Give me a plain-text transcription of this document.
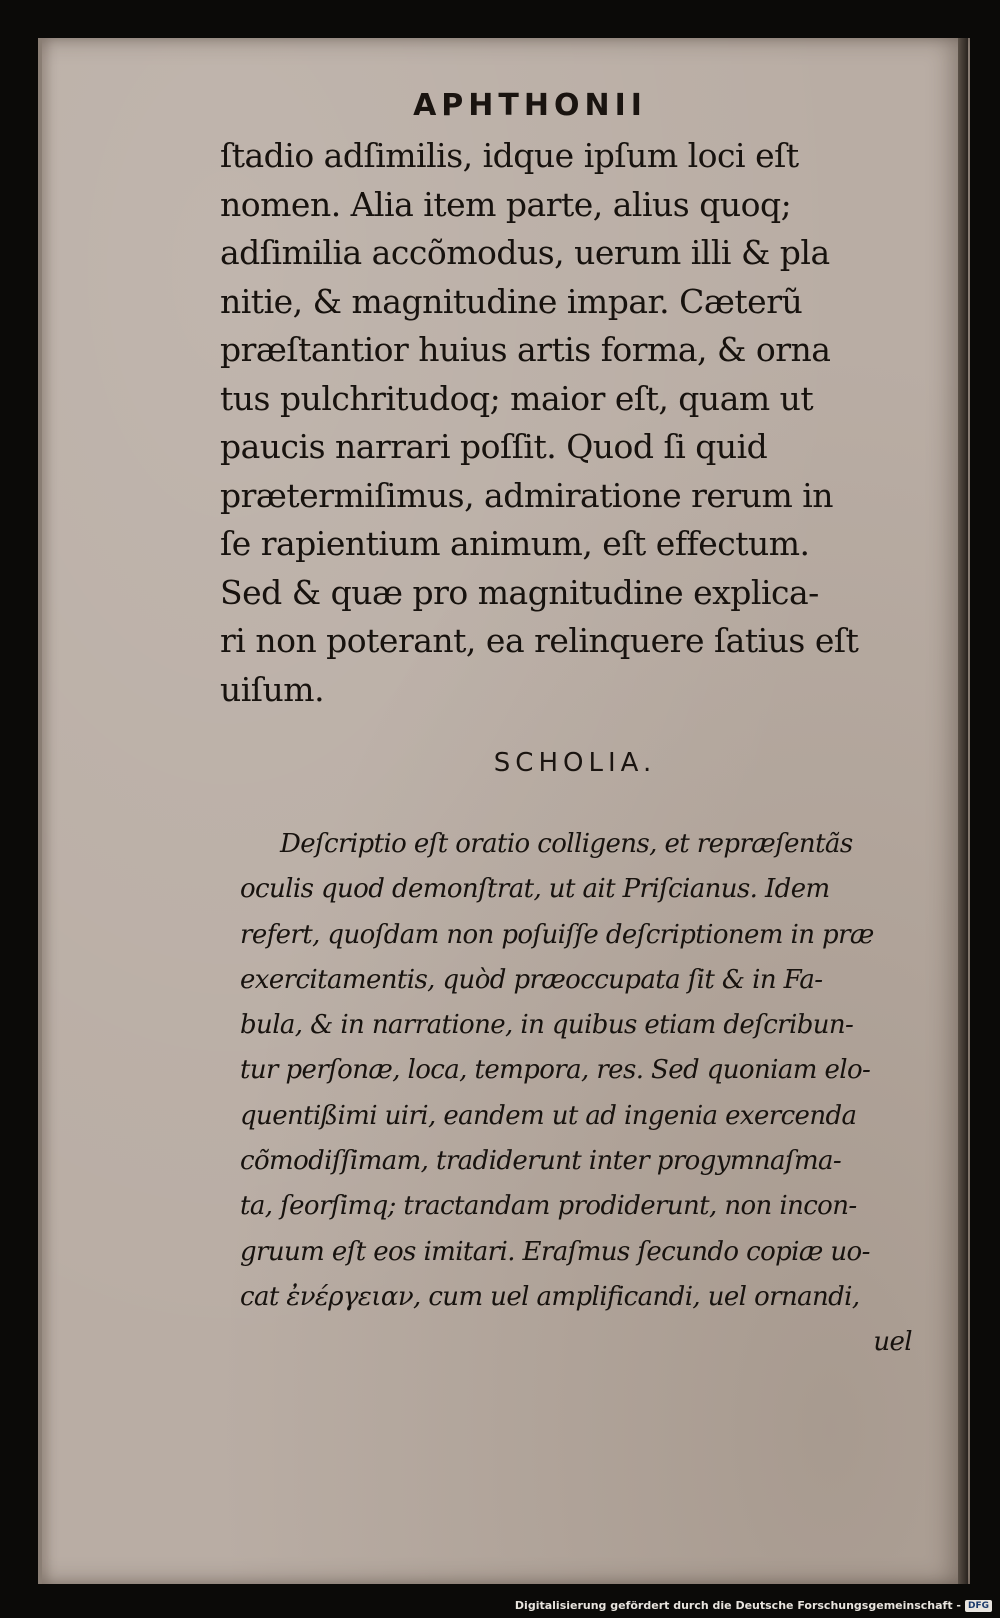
APHTHONII

ſtadio adſimilis, idque ipſum loci eſt
nomen. Alia item parte, alius quoq;
adſimilia accõmodus, uerum illi & pla
nitie, & magnitudine impar. Cæterũ
præſtantior huius artis forma, & orna
tus pulchritudoq; maior eſt, quam ut
paucis narrari poſſit. Quod ſi quid
prætermiſimus, admiratione rerum in
ſe rapientium animum, eſt effectum.
Sed & quæ pro magnitudine explica-
ri non poterant, ea relinquere ſatius eſt
uiſum.

SCHOLIA.

Deſcriptio eſt oratio colligens, et repræſentãs
oculis quod demonſtrat, ut ait Priſcianus. Idem
refert, quoſdam non poſuiſſe deſcriptionem in præ
exercitamentis, quòd præoccupata ſit & in Fa-
bula, & in narratione, in quibus etiam deſcribun-
tur perſonæ, loca, tempora, res. Sed quoniam elo-
quentißimi uiri, eandem ut ad ingenia exercenda
cõmodiſſimam, tradiderunt inter progymnaſma-
ta, ſeorſimq; tractandam prodiderunt, non incon-
gruum eſt eos imitari. Eraſmus ſecundo copiæ uo-
cat ἐνέργειαν, cum uel amplificandi, uel ornandi,
uel

Digitalisierung gefördert durch die Deutsche Forschungsgemeinschaft - DFG
